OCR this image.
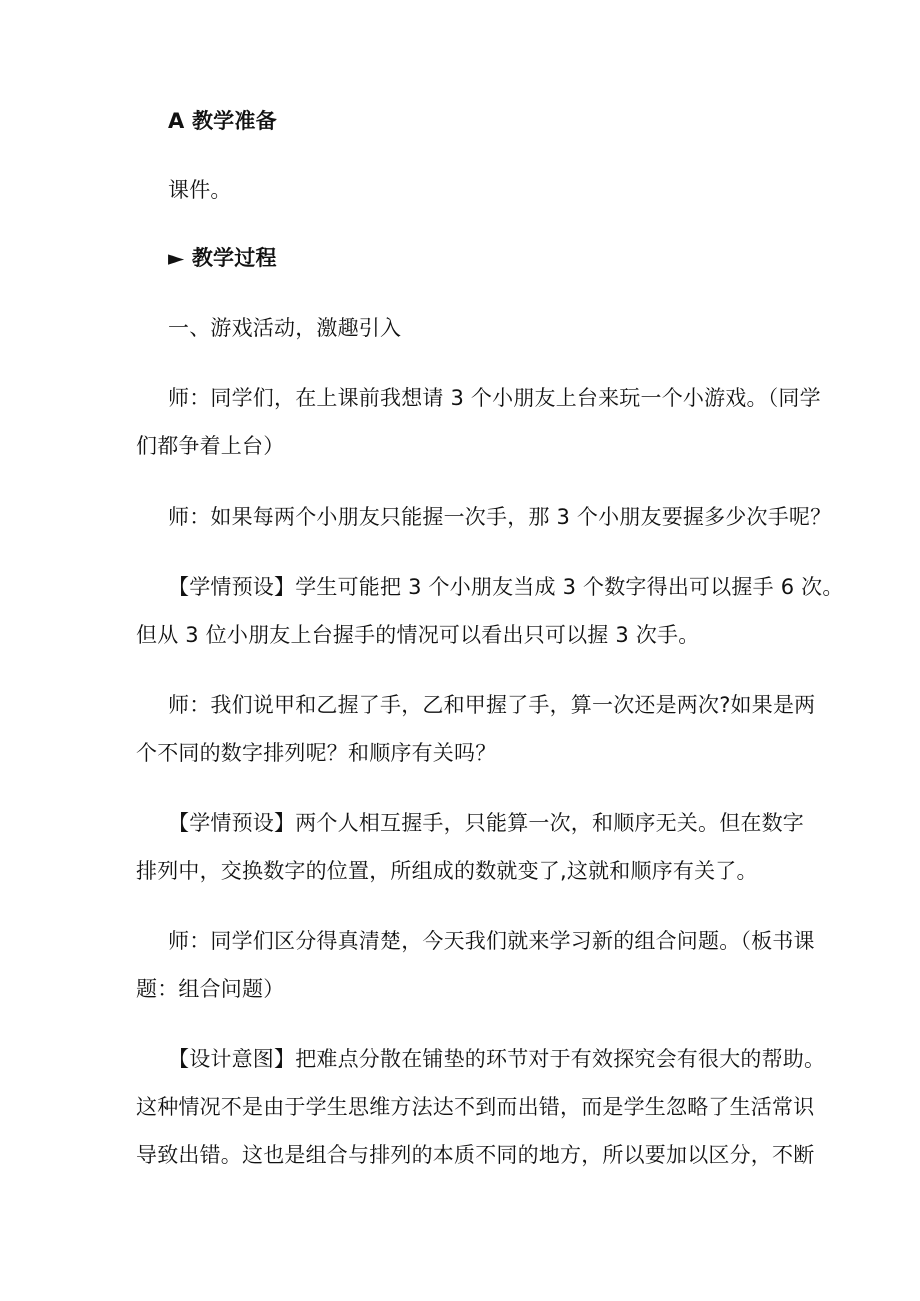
A 教学准备
课件。
► 教学过程
一、游戏活动，激趣引入
师：同学们，在上课前我想请 3 个小朋友上台来玩一个小游戏。（同学
们都争着上台）
师：如果每两个小朋友只能握一次手，那 3 个小朋友要握多少次手呢？
【学情预设】学生可能把 3 个小朋友当成 3 个数字得出可以握手 6 次。
但从 3 位小朋友上台握手的情况可以看出只可以握 3 次手。
师：我们说甲和乙握了手，乙和甲握了手，算一次还是两次?如果是两
个不同的数字排列呢？和顺序有关吗？
【学情预设】两个人相互握手，只能算一次，和顺序无关。但在数字
排列中，交换数字的位置，所组成的数就变了,这就和顺序有关了。
师：同学们区分得真清楚，今天我们就来学习新的组合问题。（板书课
题：组合问题）
【设计意图】把难点分散在铺垫的环节对于有效探究会有很大的帮助。
这种情况不是由于学生思维方法达不到而出错，而是学生忽略了生活常识
导致出错。这也是组合与排列的本质不同的地方，所以要加以区分，不断
